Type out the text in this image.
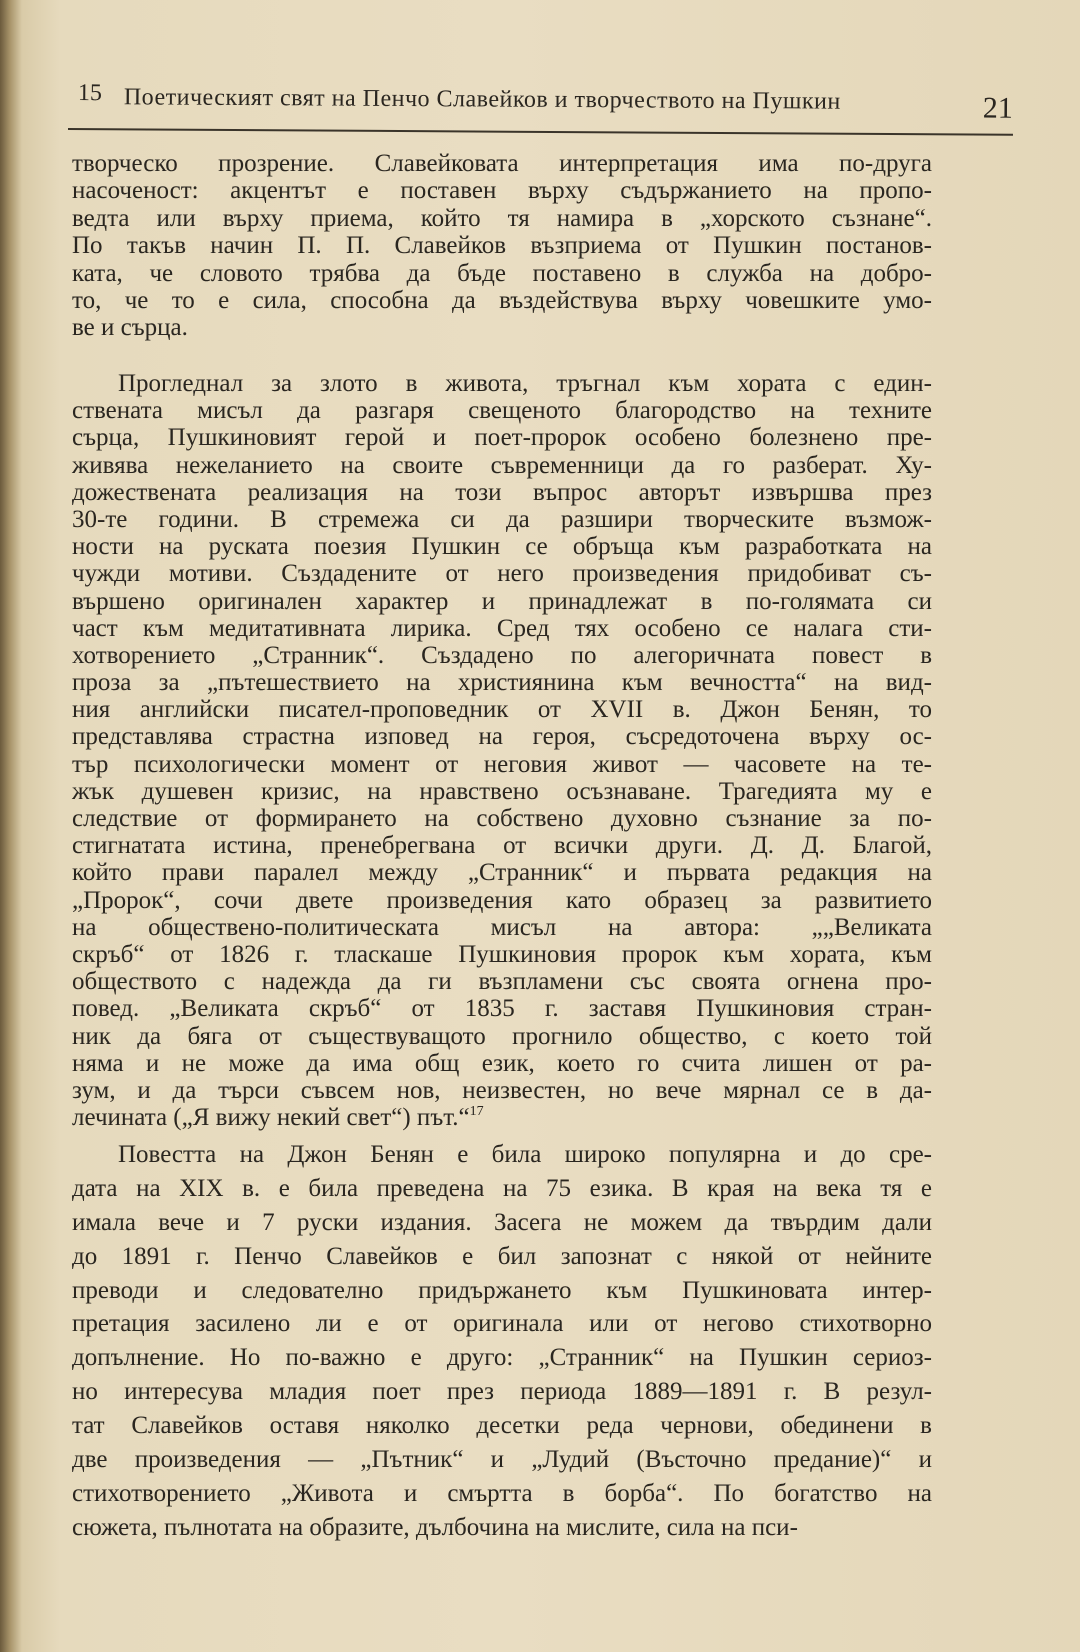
15 Поетическият свят на Пенчо Славейков и творчеството на Пушкин	21
творческо прозрение. Славейковата интерпретация има по-друга
насоченост: акцентът е поставен върху съдържанието на пропо-
ведта или върху приема, който тя намира в „хорското съзнане“.
По такъв начин П. П. Славейков възприема от Пушкин постанов-
ката, че словото трябва да бъде поставено в служба на добро-
то, че то е сила, способна да въздействува върху човешките умо-
ве и сърца.
Прогледнал за злото в живота, тръгнал към хората с един-
ствената мисъл да разгаря свещеното благородство на техните
сърца, Пушкиновият герой и поет-пророк особено болезнено пре-
живява нежеланието на своите съвременници да го разберат. Ху-
дожествената реализация на този въпрос авторът извършва през
30-те години. В стремежа си да разшири творческите възмож-
ности на руската поезия Пушкин се обръща към разработката на
чужди мотиви. Създадените от него произведения придобиват съ-
вършено оригинален характер и принадлежат в по-голямата си
част към медитативната лирика. Сред тях особено се налага сти-
хотворението „Странник“. Създадено по алегоричната повест в
проза за „пътешествието на християнина към вечността“ на вид-
ния английски писател-проповедник от XVII в. Джон Бенян, то
представлява страстна изповед на героя, съсредоточена върху ос-
тър психологически момент от неговия живот — часовете на те-
жък душевен кризис, на нравствено осъзнаване. Трагедията му е
следствие от формирането на собствено духовно съзнание за по-
стигнатата истина, пренебрегвана от всички други. Д. Д. Благой,
който прави паралел между „Странник“ и първата редакция на
„Пророк“, сочи двете произведения като образец за развитието
на обществено-политическата мисъл на автора: „„Великата
скръб“ от 1826 г. тласкаше Пушкиновия пророк към хората, към
обществото с надежда да ги възпламени със своята огнена про-
повед. „Великата скръб“ от 1835 г. заставя Пушкиновия стран-
ник да бяга от съществуващото прогнило общество, с което той
няма и не може да има общ език, което го счита лишен от ра-
зум, и да търси съвсем нов, неизвестен, но вече мярнал се в да-
лечината („Я вижу некий свет“) път.“$^{17}$
Повестта на Джон Бенян е била широко популярна и до сре-
дата на XIX в. е била преведена на 75 езика. В края на века тя е
имала вече и 7 руски издания. Засега не можем да твърдим дали
до 1891 г. Пенчо Славейков е бил запознат с някой от нейните
преводи и следователно придържането към Пушкиновата интер-
претация засилено ли е от оригинала или от негово стихотворно
допълнение. Но по-важно е друго: „Странник“ на Пушкин сериоз-
но интересува младия поет през периода 1889—1891 г. В резул-
тат Славейков оставя няколко десетки реда чернови, обединени в
две произведения — „Пътник“ и „Лудий (Въсточно предание)“ и
стихотворението „Живота и смъртта в борба“. По богатство на
сюжета, пълнотата на образите, дълбочина на мислите, сила на пси-
